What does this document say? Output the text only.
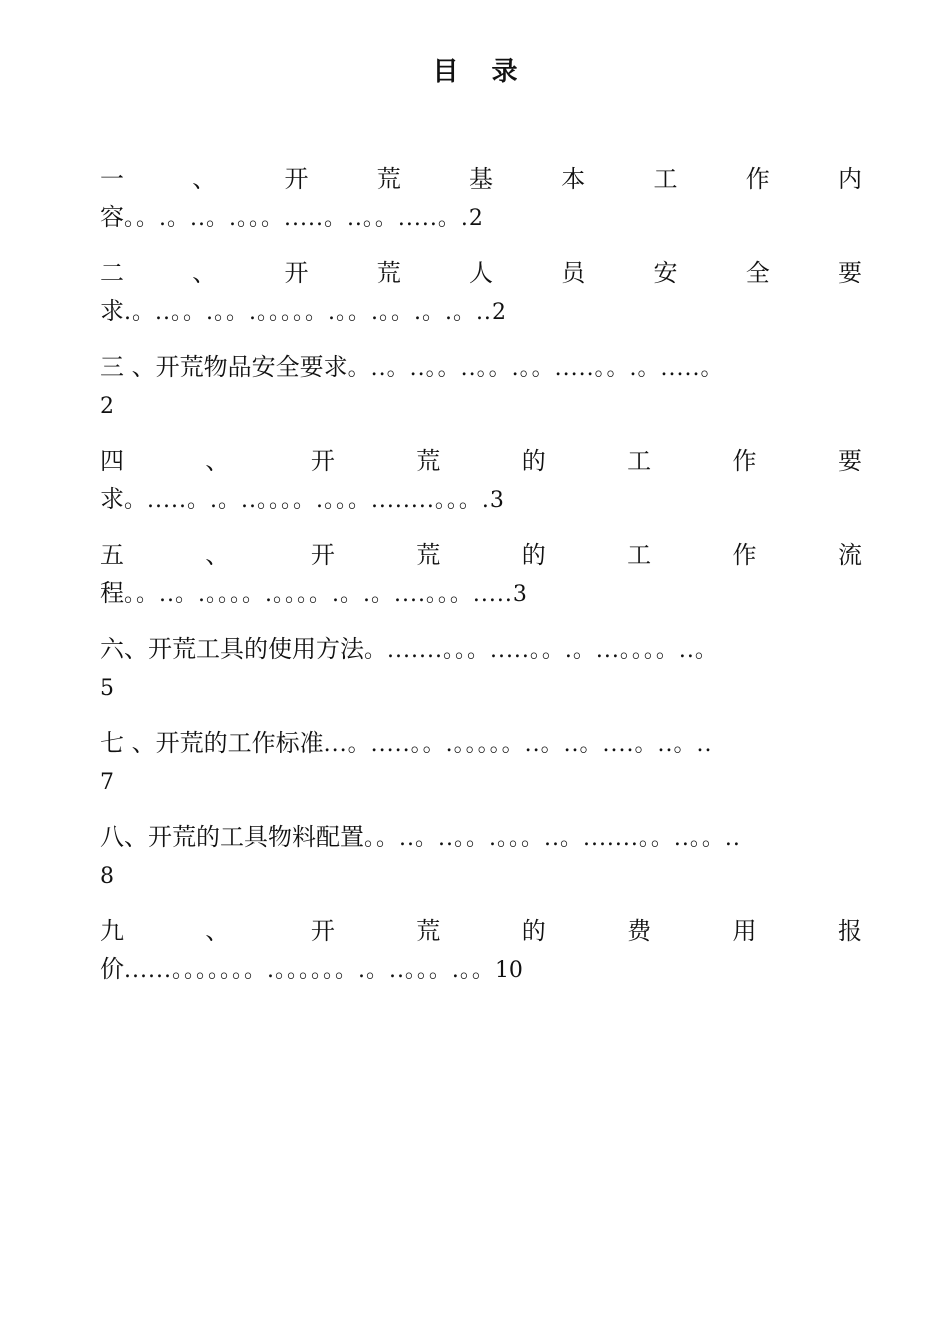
目 录
一	、	开	荒	基	本	工	作	内
容。。.。..。.。。。.....。..。。.....。.2
二	、	开	荒	人	员	安	全	要
求.。..。。.。。.。。。。。.。。.。。.。.。..2
三 、开荒物品安全要求。..。..。。..。。.。。.....。。.。.....。
2
四	、	开	荒	的	工	作	要
求。.....。.。..。。。。.。。。........。。。.3
五	、	开	荒	的	工	作	流
程。。..。.。。。。.。。。。.。.。....。。。.....3
六、开荒工具的使用方法。.......。。。.....。。.。...。。。。..。
5
七 、开荒的工作标准...。.....。。.。。。。。..。..。....。..。..
7
八、开荒的工具物料配置。。..。..。。.。。。..。.......。。..。。..
8
九	、	开	荒	的	费	用	报
价......。。。。。。。.。。。。。。.。..。。。.。。10
